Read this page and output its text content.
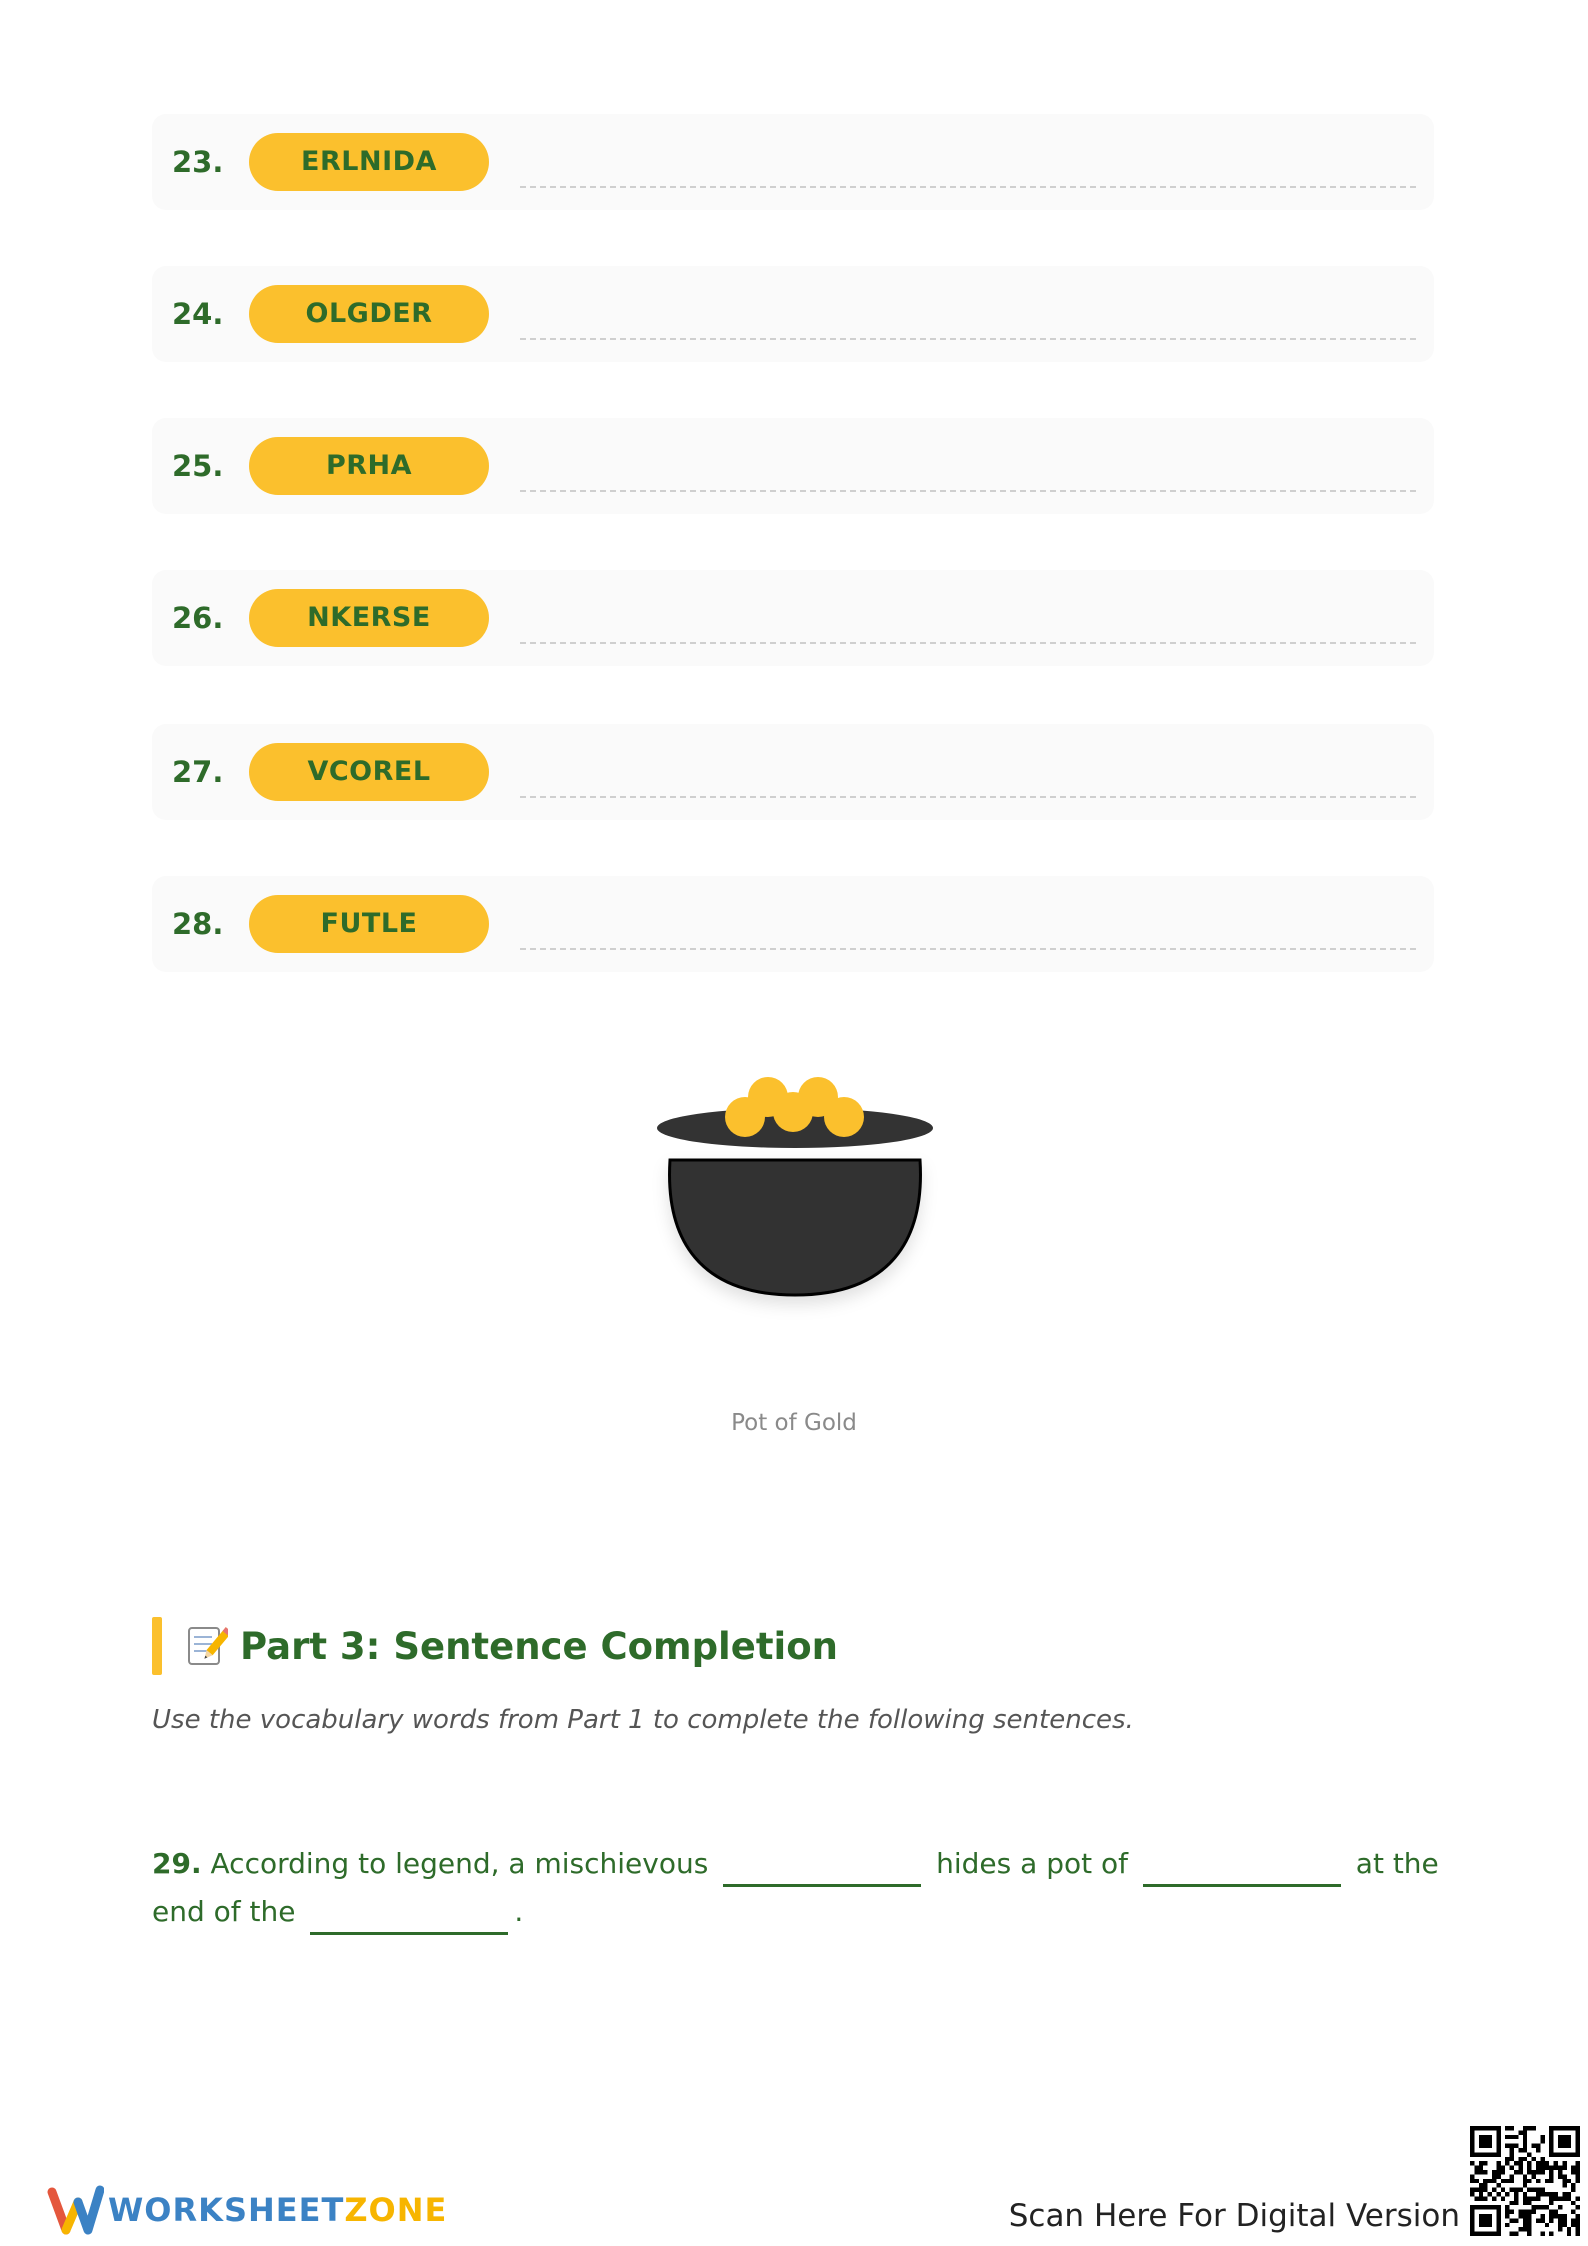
23.	ERLNIDA
24.	OLGDER
25.	PRHA
26.	NKERSE
27.	VCOREL
28.	FUTLE
Pot of Gold
Part 3: Sentence Completion
Use the vocabulary words from Part 1 to complete the following sentences.
29. According to legend, a mischievous	hides a pot of	at the end of the	.
WORKSHEETZONE	Scan Here For Digital Version
